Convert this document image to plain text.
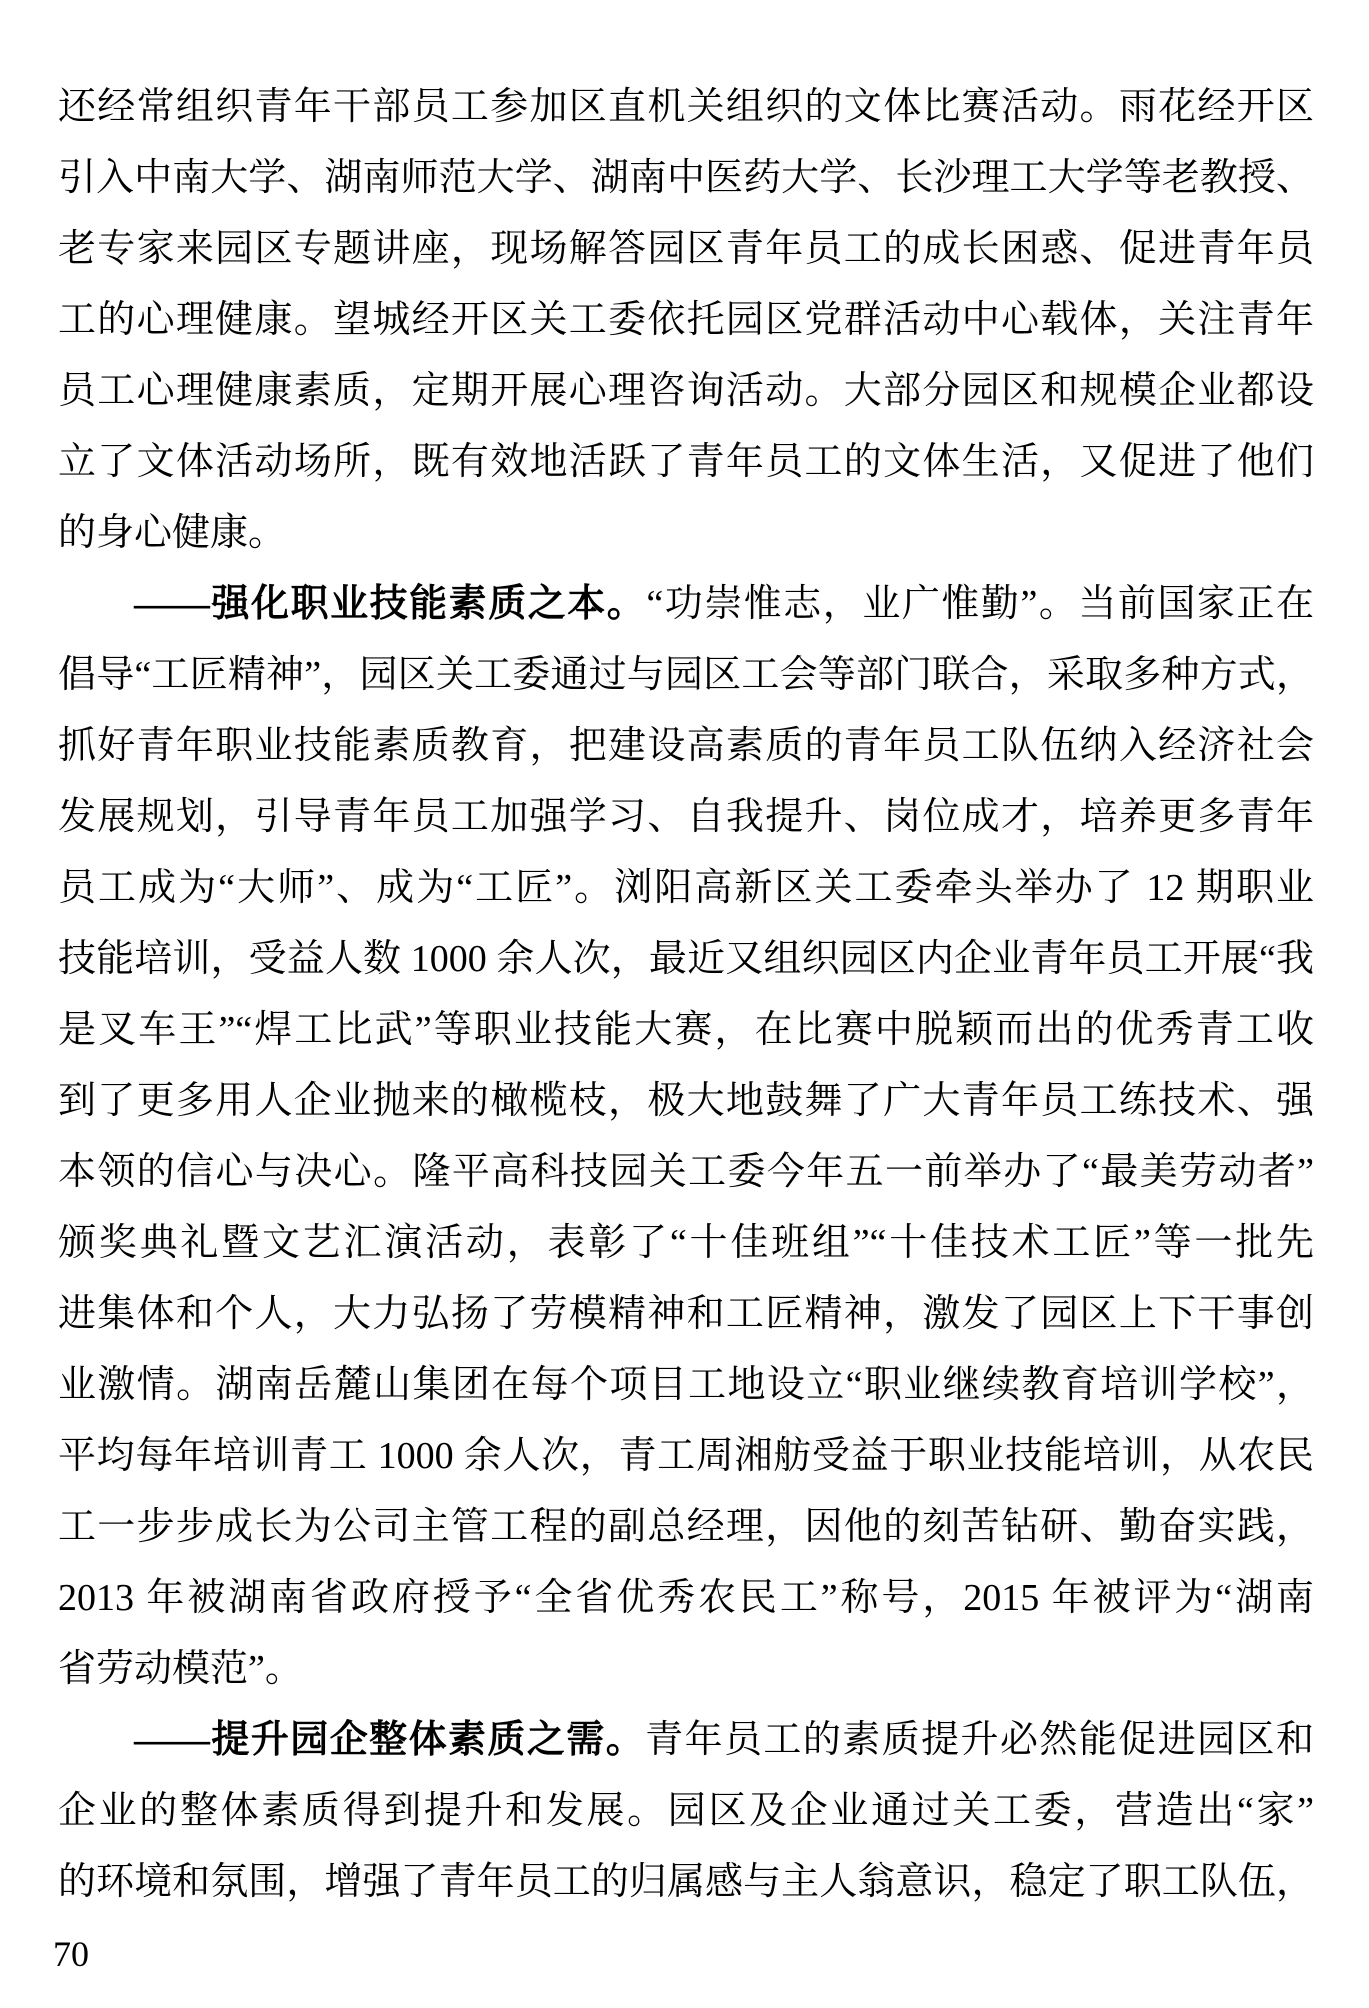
还经常组织青年干部员工参加区直机关组织的文体比赛活动。雨花经开区
引入中南大学、湖南师范大学、湖南中医药大学、长沙理工大学等老教授、
老专家来园区专题讲座，现场解答园区青年员工的成长困惑、促进青年员
工的心理健康。望城经开区关工委依托园区党群活动中心载体，关注青年
员工心理健康素质，定期开展心理咨询活动。大部分园区和规模企业都设
立了文体活动场所，既有效地活跃了青年员工的文体生活，又促进了他们
的身心健康。
——强化职业技能素质之本。“功崇惟志，业广惟勤”。当前国家正在
倡导“工匠精神”，园区关工委通过与园区工会等部门联合，采取多种方式，
抓好青年职业技能素质教育，把建设高素质的青年员工队伍纳入经济社会
发展规划，引导青年员工加强学习、自我提升、岗位成才，培养更多青年
员工成为“大师”、成为“工匠”。浏阳高新区关工委牵头举办了 12 期职业
技能培训，受益人数 1000 余人次，最近又组织园区内企业青年员工开展“我
是叉车王”“焊工比武”等职业技能大赛，在比赛中脱颖而出的优秀青工收
到了更多用人企业抛来的橄榄枝，极大地鼓舞了广大青年员工练技术、强
本领的信心与决心。隆平高科技园关工委今年五一前举办了“最美劳动者”
颁奖典礼暨文艺汇演活动，表彰了“十佳班组”“十佳技术工匠”等一批先
进集体和个人，大力弘扬了劳模精神和工匠精神，激发了园区上下干事创
业激情。湖南岳麓山集团在每个项目工地设立“职业继续教育培训学校”，
平均每年培训青工 1000 余人次，青工周湘舫受益于职业技能培训，从农民
工一步步成长为公司主管工程的副总经理，因他的刻苦钻研、勤奋实践，
2013 年被湖南省政府授予“全省优秀农民工”称号，2015 年被评为“湖南
省劳动模范”。
——提升园企整体素质之需。青年员工的素质提升必然能促进园区和
企业的整体素质得到提升和发展。园区及企业通过关工委，营造出“家”
的环境和氛围，增强了青年员工的归属感与主人翁意识，稳定了职工队伍，
70
